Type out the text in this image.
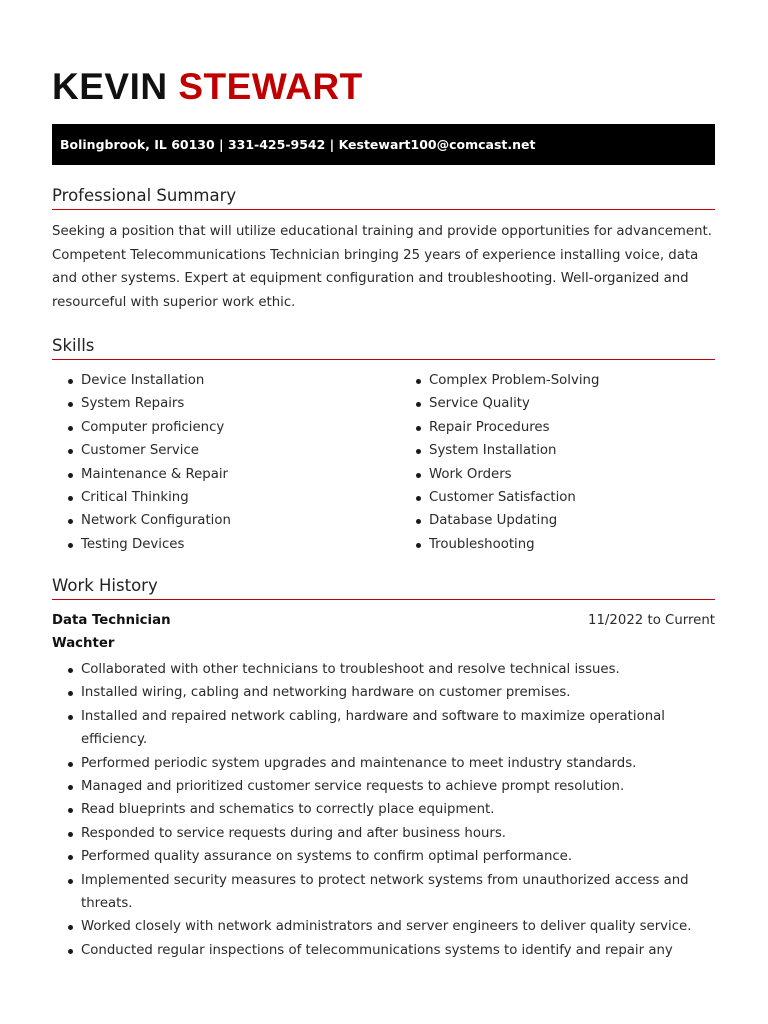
KEVIN STEWART
Bolingbrook, IL 60130 | 331-425-9542 | Kestewart100@comcast.net
Professional Summary

Seeking a position that will utilize educational training and provide opportunities for advancement. Competent Telecommunications Technician bringing 25 years of experience installing voice, data and other systems. Expert at equipment configuration and troubleshooting. Well-organized and resourceful with superior work ethic.

Skills
Device Installation
System Repairs
Computer proficiency
Customer Service
Maintenance & Repair
Critical Thinking
Network Configuration
Testing Devices
Complex Problem-Solving
Service Quality
Repair Procedures
System Installation
Work Orders
Customer Satisfaction
Database Updating
Troubleshooting
Work History
Data Technician	11/2022 to Current
Wachter
Collaborated with other technicians to troubleshoot and resolve technical issues.
Installed wiring, cabling and networking hardware on customer premises.
Installed and repaired network cabling, hardware and software to maximize operational efficiency.
Performed periodic system upgrades and maintenance to meet industry standards.
Managed and prioritized customer service requests to achieve prompt resolution.
Read blueprints and schematics to correctly place equipment.
Responded to service requests during and after business hours.
Performed quality assurance on systems to confirm optimal performance.
Implemented security measures to protect network systems from unauthorized access and threats.
Worked closely with network administrators and server engineers to deliver quality service.
Conducted regular inspections of telecommunications systems to identify and repair any
